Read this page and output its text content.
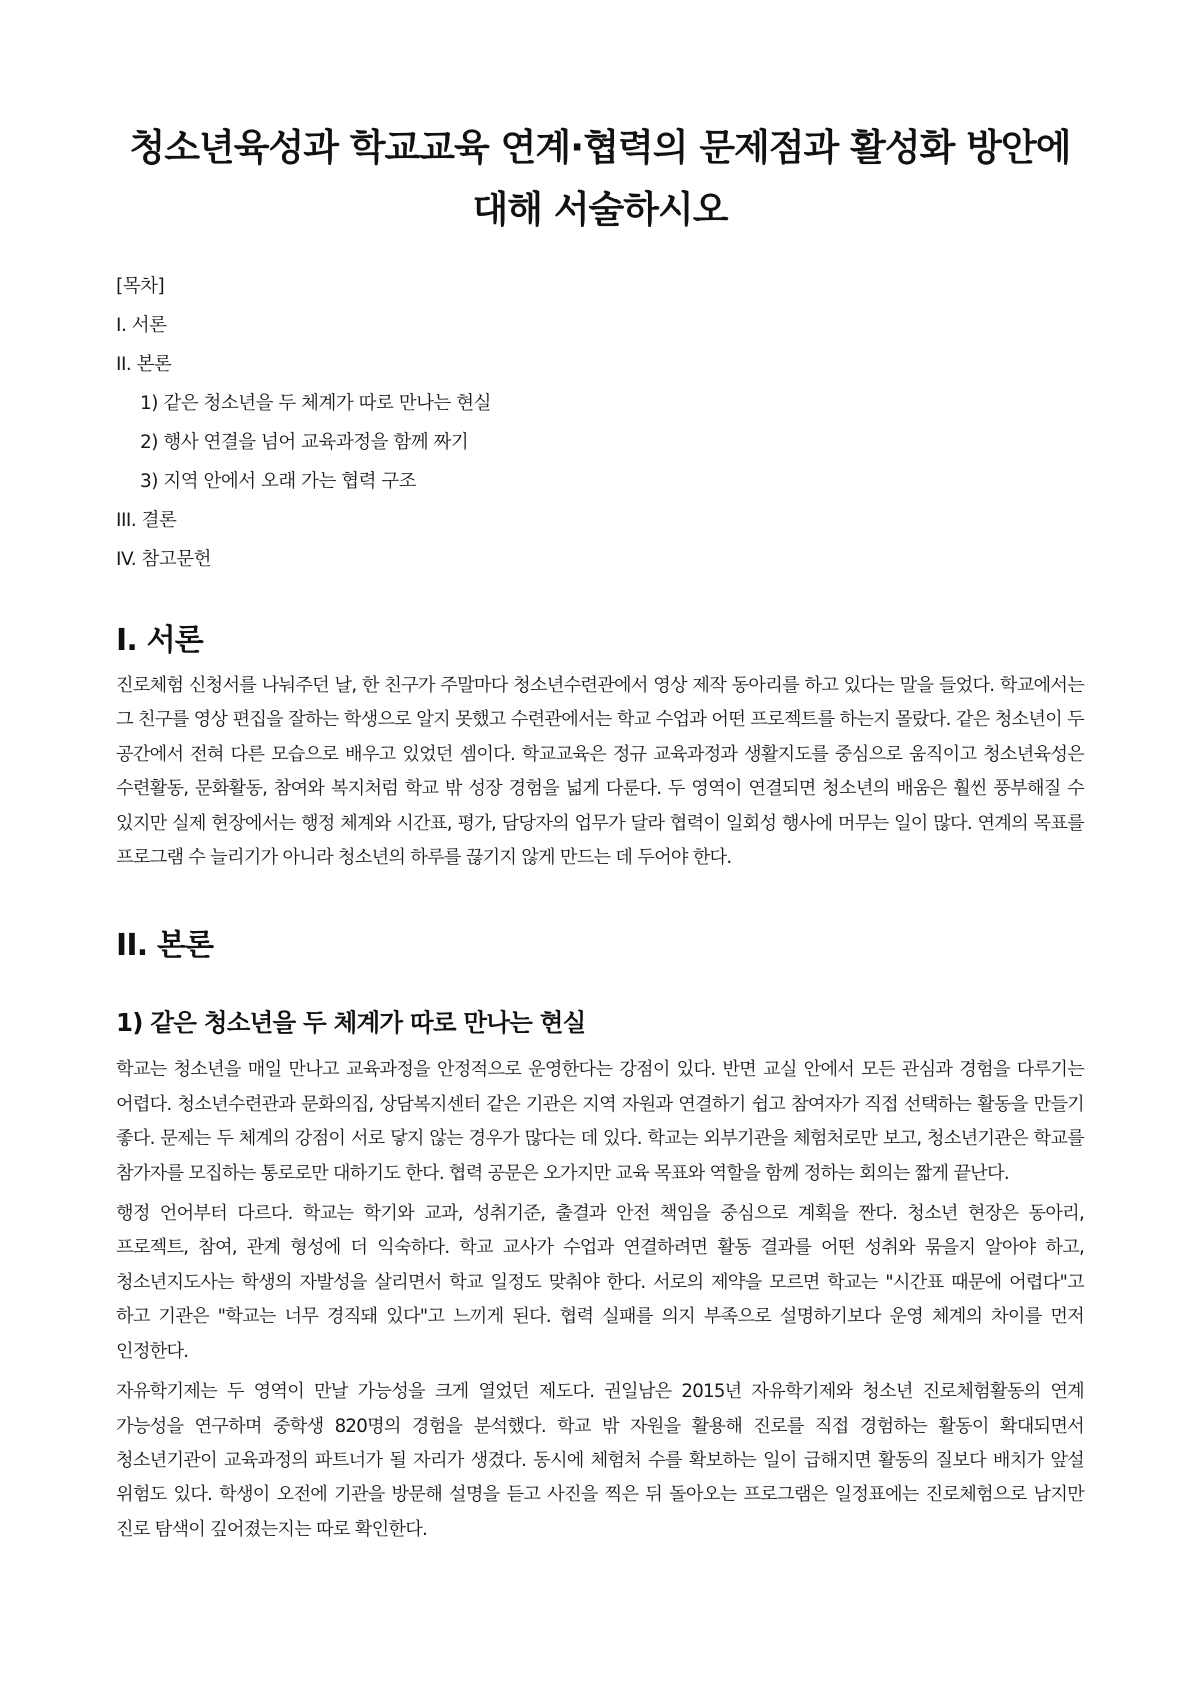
청소년육성과 학교교육 연계·협력의 문제점과 활성화 방안에
대해 서술하시오
[목차]
I. 서론
II. 본론
1) 같은 청소년을 두 체계가 따로 만나는 현실
2) 행사 연결을 넘어 교육과정을 함께 짜기
3) 지역 안에서 오래 가는 협력 구조
III. 결론
IV. 참고문헌
I. 서론

진로체험 신청서를 나눠주던 날, 한 친구가 주말마다 청소년수련관에서 영상 제작 동아리를 하고 있다는 말을 들었다. 학교에서는 그 친구를 영상 편집을 잘하는 학생으로 알지 못했고 수련관에서는 학교 수업과 어떤 프로젝트를 하는지 몰랐다. 같은 청소년이 두 공간에서 전혀 다른 모습으로 배우고 있었던 셈이다. 학교교육은 정규 교육과정과 생활지도를 중심으로 움직이고 청소년육성은 수련활동, 문화활동, 참여와 복지처럼 학교 밖 성장 경험을 넓게 다룬다. 두 영역이 연결되면 청소년의 배움은 훨씬 풍부해질 수 있지만 실제 현장에서는 행정 체계와 시간표, 평가, 담당자의 업무가 달라 협력이 일회성 행사에 머무는 일이 많다. 연계의 목표를 프로그램 수 늘리기가 아니라 청소년의 하루를 끊기지 않게 만드는 데 두어야 한다.

II. 본론
1) 같은 청소년을 두 체계가 따로 만나는 현실

학교는 청소년을 매일 만나고 교육과정을 안정적으로 운영한다는 강점이 있다. 반면 교실 안에서 모든 관심과 경험을 다루기는 어렵다. 청소년수련관과 문화의집, 상담복지센터 같은 기관은 지역 자원과 연결하기 쉽고 참여자가 직접 선택하는 활동을 만들기 좋다. 문제는 두 체계의 강점이 서로 닿지 않는 경우가 많다는 데 있다. 학교는 외부기관을 체험처로만 보고, 청소년기관은 학교를 참가자를 모집하는 통로로만 대하기도 한다. 협력 공문은 오가지만 교육 목표와 역할을 함께 정하는 회의는 짧게 끝난다.

행정 언어부터 다르다. 학교는 학기와 교과, 성취기준, 출결과 안전 책임을 중심으로 계획을 짠다. 청소년 현장은 동아리, 프로젝트, 참여, 관계 형성에 더 익숙하다. 학교 교사가 수업과 연결하려면 활동 결과를 어떤 성취와 묶을지 알아야 하고, 청소년지도사는 학생의 자발성을 살리면서 학교 일정도 맞춰야 한다. 서로의 제약을 모르면 학교는 "시간표 때문에 어렵다"고 하고 기관은 "학교는 너무 경직돼 있다"고 느끼게 된다. 협력 실패를 의지 부족으로 설명하기보다 운영 체계의 차이를 먼저 인정한다.

자유학기제는 두 영역이 만날 가능성을 크게 열었던 제도다. 권일남은 2015년 자유학기제와 청소년 진로체험활동의 연계 가능성을 연구하며 중학생 820명의 경험을 분석했다. 학교 밖 자원을 활용해 진로를 직접 경험하는 활동이 확대되면서 청소년기관이 교육과정의 파트너가 될 자리가 생겼다. 동시에 체험처 수를 확보하는 일이 급해지면 활동의 질보다 배치가 앞설 위험도 있다. 학생이 오전에 기관을 방문해 설명을 듣고 사진을 찍은 뒤 돌아오는 프로그램은 일정표에는 진로체험으로 남지만 진로 탐색이 깊어졌는지는 따로 확인한다.
